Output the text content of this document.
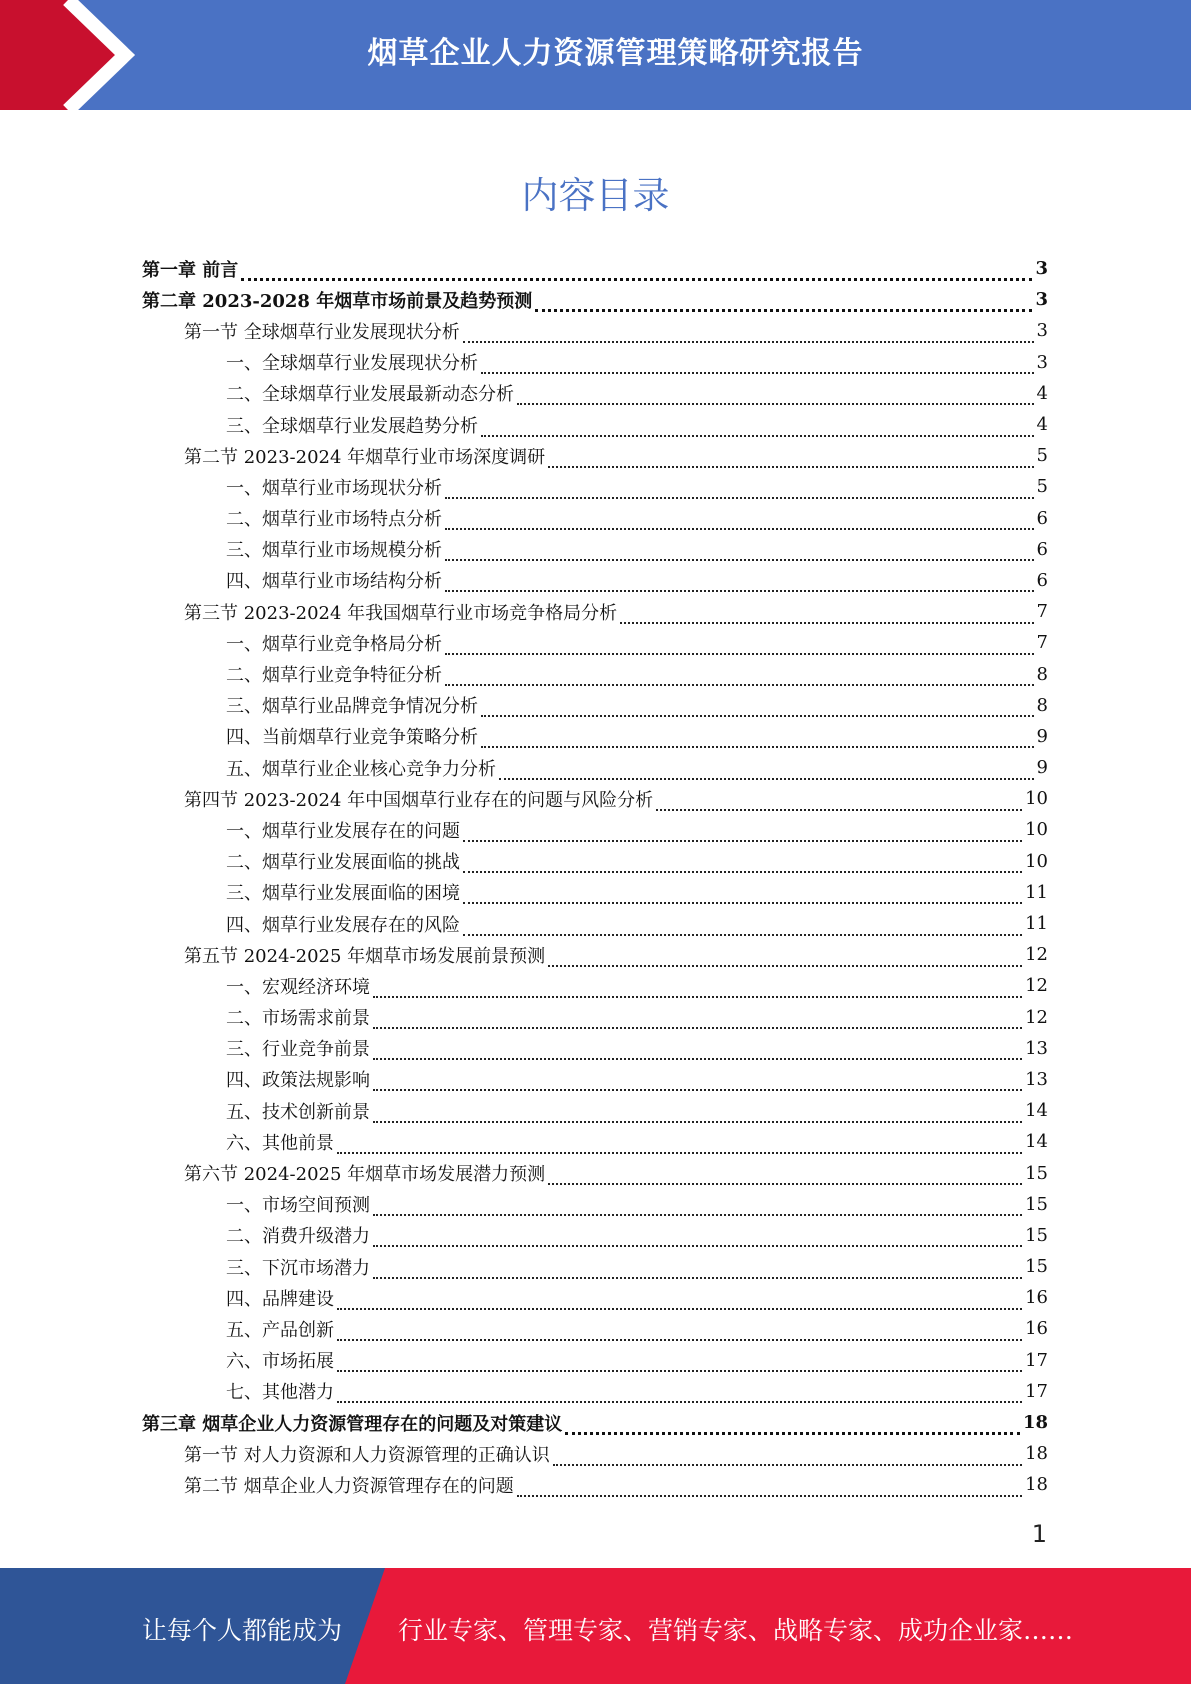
烟草企业人力资源管理策略研究报告
内容目录
第一章 前言	3
第二章 2023-2028 年烟草市场前景及趋势预测	3
第一节 全球烟草行业发展现状分析	3
一、全球烟草行业发展现状分析	3
二、全球烟草行业发展最新动态分析	4
三、全球烟草行业发展趋势分析	4
第二节 2023-2024 年烟草行业市场深度调研	5
一、烟草行业市场现状分析	5
二、烟草行业市场特点分析	6
三、烟草行业市场规模分析	6
四、烟草行业市场结构分析	6
第三节 2023-2024 年我国烟草行业市场竞争格局分析	7
一、烟草行业竞争格局分析	7
二、烟草行业竞争特征分析	8
三、烟草行业品牌竞争情况分析	8
四、当前烟草行业竞争策略分析	9
五、烟草行业企业核心竞争力分析	9
第四节 2023-2024 年中国烟草行业存在的问题与风险分析	10
一、烟草行业发展存在的问题	10
二、烟草行业发展面临的挑战	10
三、烟草行业发展面临的困境	11
四、烟草行业发展存在的风险	11
第五节 2024-2025 年烟草市场发展前景预测	12
一、宏观经济环境	12
二、市场需求前景	12
三、行业竞争前景	13
四、政策法规影响	13
五、技术创新前景	14
六、其他前景	14
第六节 2024-2025 年烟草市场发展潜力预测	15
一、市场空间预测	15
二、消费升级潜力	15
三、下沉市场潜力	15
四、品牌建设	16
五、产品创新	16
六、市场拓展	17
七、其他潜力	17
第三章 烟草企业人力资源管理存在的问题及对策建议	18
第一节 对人力资源和人力资源管理的正确认识	18
第二节 烟草企业人力资源管理存在的问题	18
1
让每个人都能成为 行业专家、管理专家、营销专家、战略专家、成功企业家……
